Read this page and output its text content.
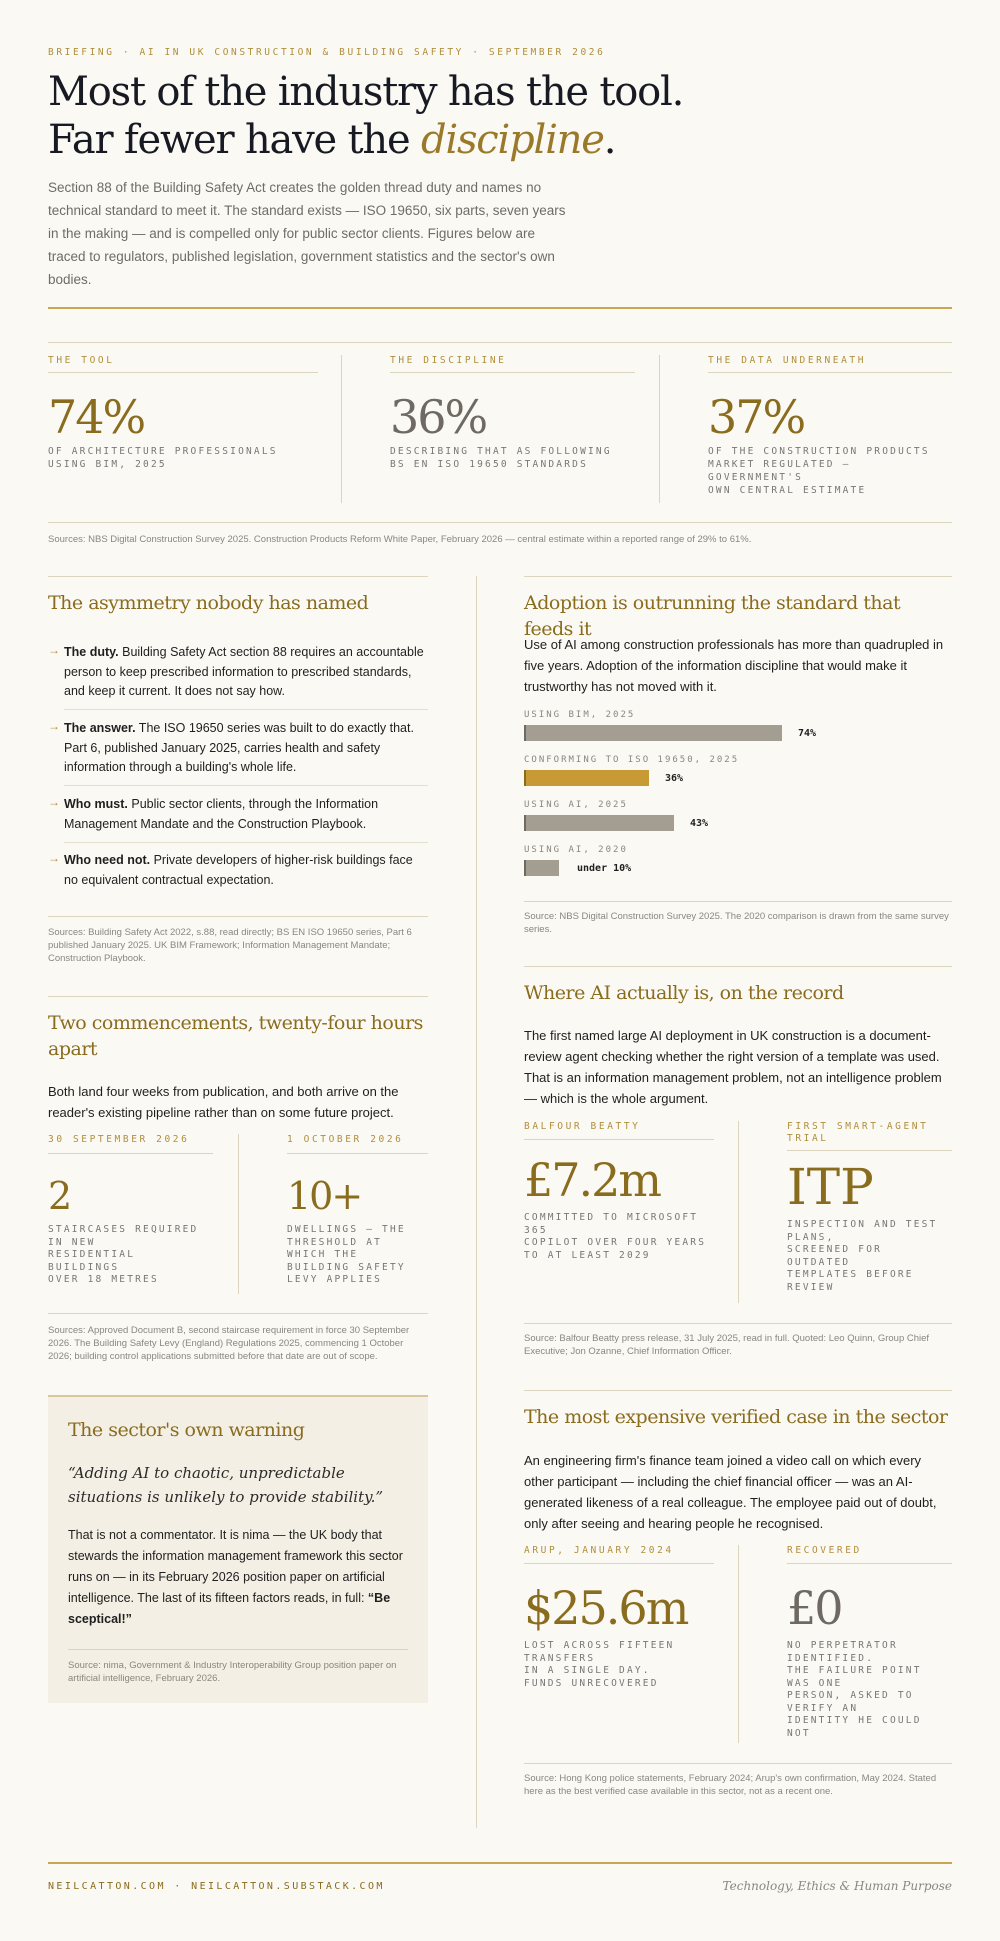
BRIEFING · AI IN UK CONSTRUCTION & BUILDING SAFETY · SEPTEMBER 2026
Most of the industry has the tool.
Far fewer have the discipline.

Section 88 of the Building Safety Act creates the golden thread duty and names no technical standard to meet it. The standard exists — ISO 19650, six parts, seven years in the making — and is compelled only for public sector clients. Figures below are traced to regulators, published legislation, government statistics and the sector's own bodies.

THE TOOL
74%
OF ARCHITECTURE PROFESSIONALS
USING BIM, 2025
THE DISCIPLINE
36%
DESCRIBING THAT AS FOLLOWING
BS EN ISO 19650 STANDARDS
THE DATA UNDERNEATH
37%
OF THE CONSTRUCTION PRODUCTS
MARKET REGULATED —
GOVERNMENT'S
OWN CENTRAL ESTIMATE
Sources: NBS Digital Construction Survey 2025. Construction Products Reform White Paper, February 2026 — central estimate within a reported range of 29% to 61%.
The asymmetry nobody has named
→ The duty. Building Safety Act section 88 requires an accountable person to keep prescribed information to prescribed standards, and keep it current. It does not say how.
→ The answer. The ISO 19650 series was built to do exactly that. Part 6, published January 2025, carries health and safety information through a building's whole life.
→ Who must. Public sector clients, through the Information Management Mandate and the Construction Playbook.
→ Who need not. Private developers of higher-risk buildings face no equivalent contractual expectation.
Sources: Building Safety Act 2022, s.88, read directly; BS EN ISO 19650 series, Part 6 published January 2025. UK BIM Framework; Information Management Mandate; Construction Playbook.
Two commencements, twenty-four hours apart

Both land four weeks from publication, and both arrive on the reader's existing pipeline rather than on some future project.

30 SEPTEMBER 2026
2
STAIRCASES REQUIRED
IN NEW
RESIDENTIAL
BUILDINGS
OVER 18 METRES
1 OCTOBER 2026
10+
DWELLINGS — THE
THRESHOLD AT
WHICH THE
BUILDING SAFETY
LEVY APPLIES
Sources: Approved Document B, second staircase requirement in force 30 September 2026. The Building Safety Levy (England) Regulations 2025, commencing 1 October 2026; building control applications submitted before that date are out of scope.
The sector's own warning

“Adding AI to chaotic, unpredictable situations is unlikely to provide stability.”

That is not a commentator. It is nima — the UK body that stewards the information management framework this sector runs on — in its February 2026 position paper on artificial intelligence. The last of its fifteen factors reads, in full: “Be sceptical!”

Source: nima, Government & Industry Interoperability Group position paper on artificial intelligence, February 2026.
Adoption is outrunning the standard that feeds it

Use of AI among construction professionals has more than quadrupled in five years. Adoption of the information discipline that would make it trustworthy has not moved with it.

USING BIM, 2025
74%
CONFORMING TO ISO 19650, 2025
36%
USING AI, 2025
43%
USING AI, 2020
under 10%
Source: NBS Digital Construction Survey 2025. The 2020 comparison is drawn from the same survey series.
Where AI actually is, on the record

The first named large AI deployment in UK construction is a document-review agent checking whether the right version of a template was used. That is an information management problem, not an intelligence problem — which is the whole argument.

BALFOUR BEATTY
£7.2m
COMMITTED TO MICROSOFT
365
COPILOT OVER FOUR YEARS
TO AT LEAST 2029
FIRST SMART-AGENT
TRIAL
ITP
INSPECTION AND TEST
PLANS,
SCREENED FOR
OUTDATED
TEMPLATES BEFORE
REVIEW
Source: Balfour Beatty press release, 31 July 2025, read in full. Quoted: Leo Quinn, Group Chief Executive; Jon Ozanne, Chief Information Officer.
The most expensive verified case in the sector

An engineering firm's finance team joined a video call on which every other participant — including the chief financial officer — was an AI-generated likeness of a real colleague. The employee paid out of doubt, only after seeing and hearing people he recognised.

ARUP, JANUARY 2024
$25.6m
LOST ACROSS FIFTEEN
TRANSFERS
IN A SINGLE DAY.
FUNDS UNRECOVERED
RECOVERED
£0
NO PERPETRATOR
IDENTIFIED.
THE FAILURE POINT
WAS ONE
PERSON, ASKED TO
VERIFY AN
IDENTITY HE COULD
NOT
Source: Hong Kong police statements, February 2024; Arup's own confirmation, May 2024. Stated here as the best verified case available in this sector, not as a recent one.
NEILCATTON.COM · NEILCATTON.SUBSTACK.COM	Technology, Ethics & Human Purpose
